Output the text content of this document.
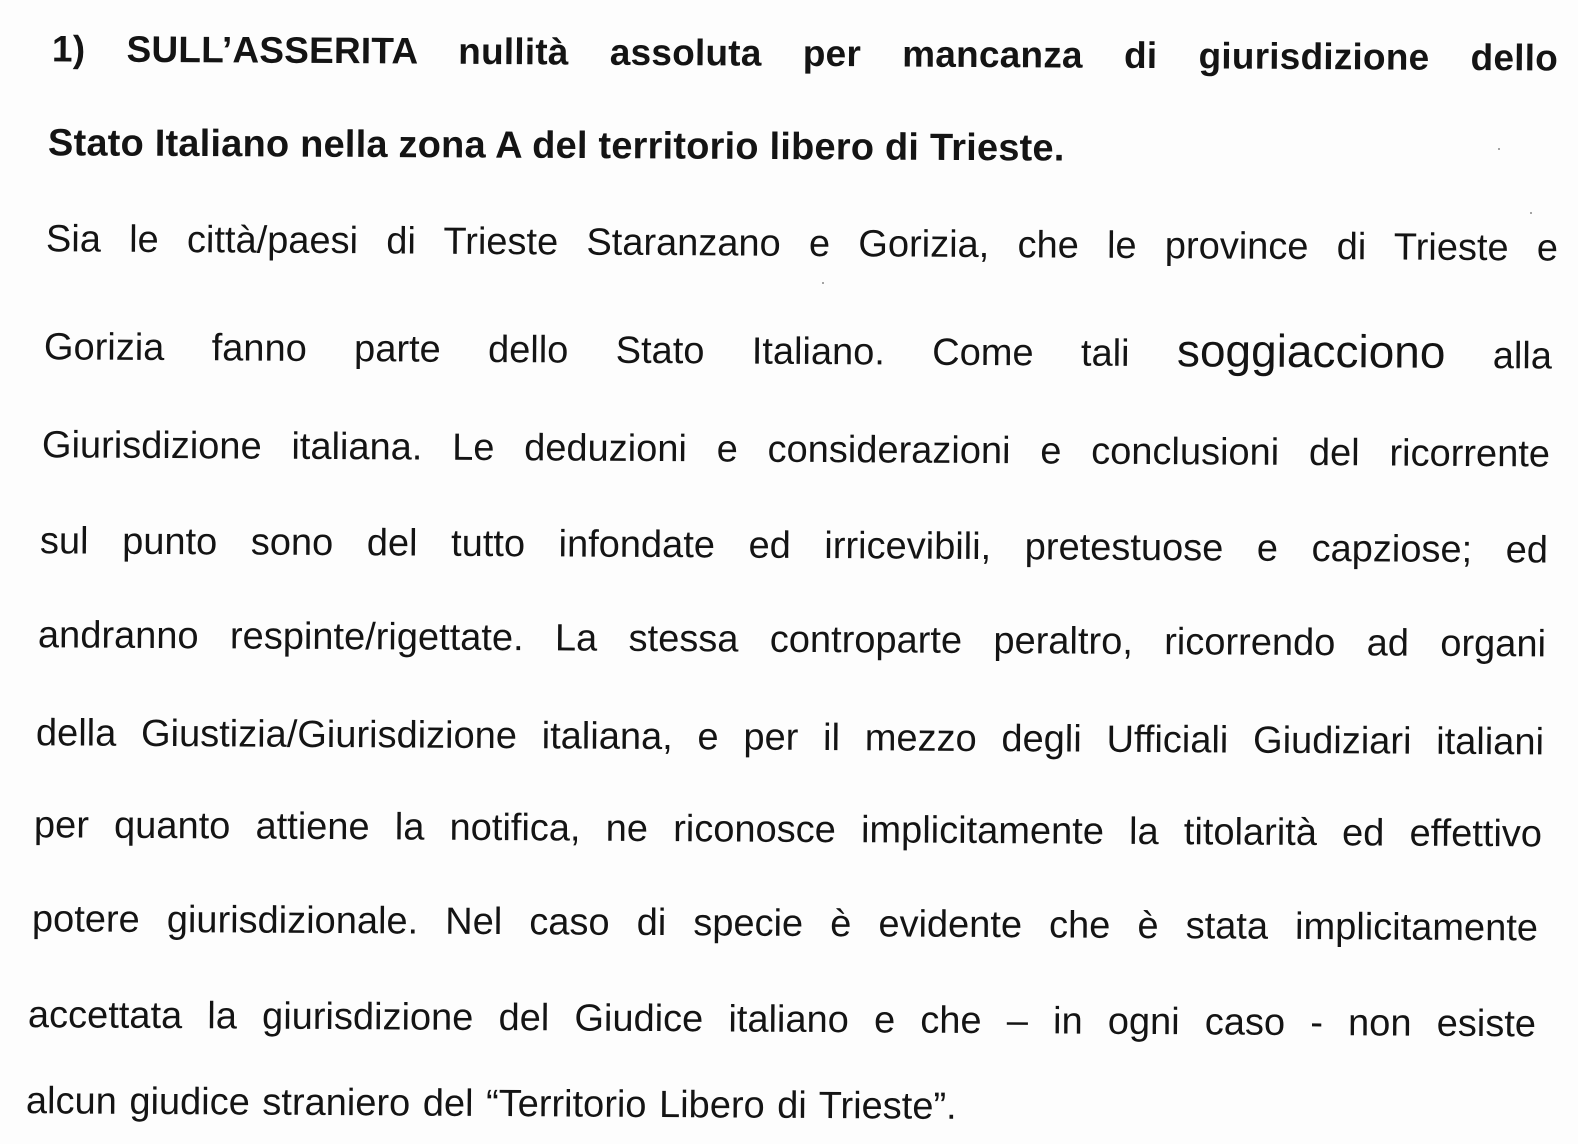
1) SULL’ASSERITA nullità assoluta per mancanza di giurisdizione dello
Stato Italiano nella zona A del territorio libero di Trieste.
Sia le città/paesi di Trieste Staranzano e Gorizia, che le province di Trieste e
Gorizia fanno parte dello Stato Italiano. Come tali soggiacciono alla
Giurisdizione italiana. Le deduzioni e considerazioni e conclusioni del ricorrente
sul punto sono del tutto infondate ed irricevibili, pretestuose e capziose; ed
andranno respinte/rigettate. La stessa controparte peraltro, ricorrendo ad organi
della Giustizia/Giurisdizione italiana, e per il mezzo degli Ufficiali Giudiziari italiani
per quanto attiene la notifica, ne riconosce implicitamente la titolarità ed effettivo
potere giurisdizionale. Nel caso di specie è evidente che è stata implicitamente
accettata la giurisdizione del Giudice italiano e che – in ogni caso - non esiste
alcun giudice straniero del “Territorio Libero di Trieste”.
